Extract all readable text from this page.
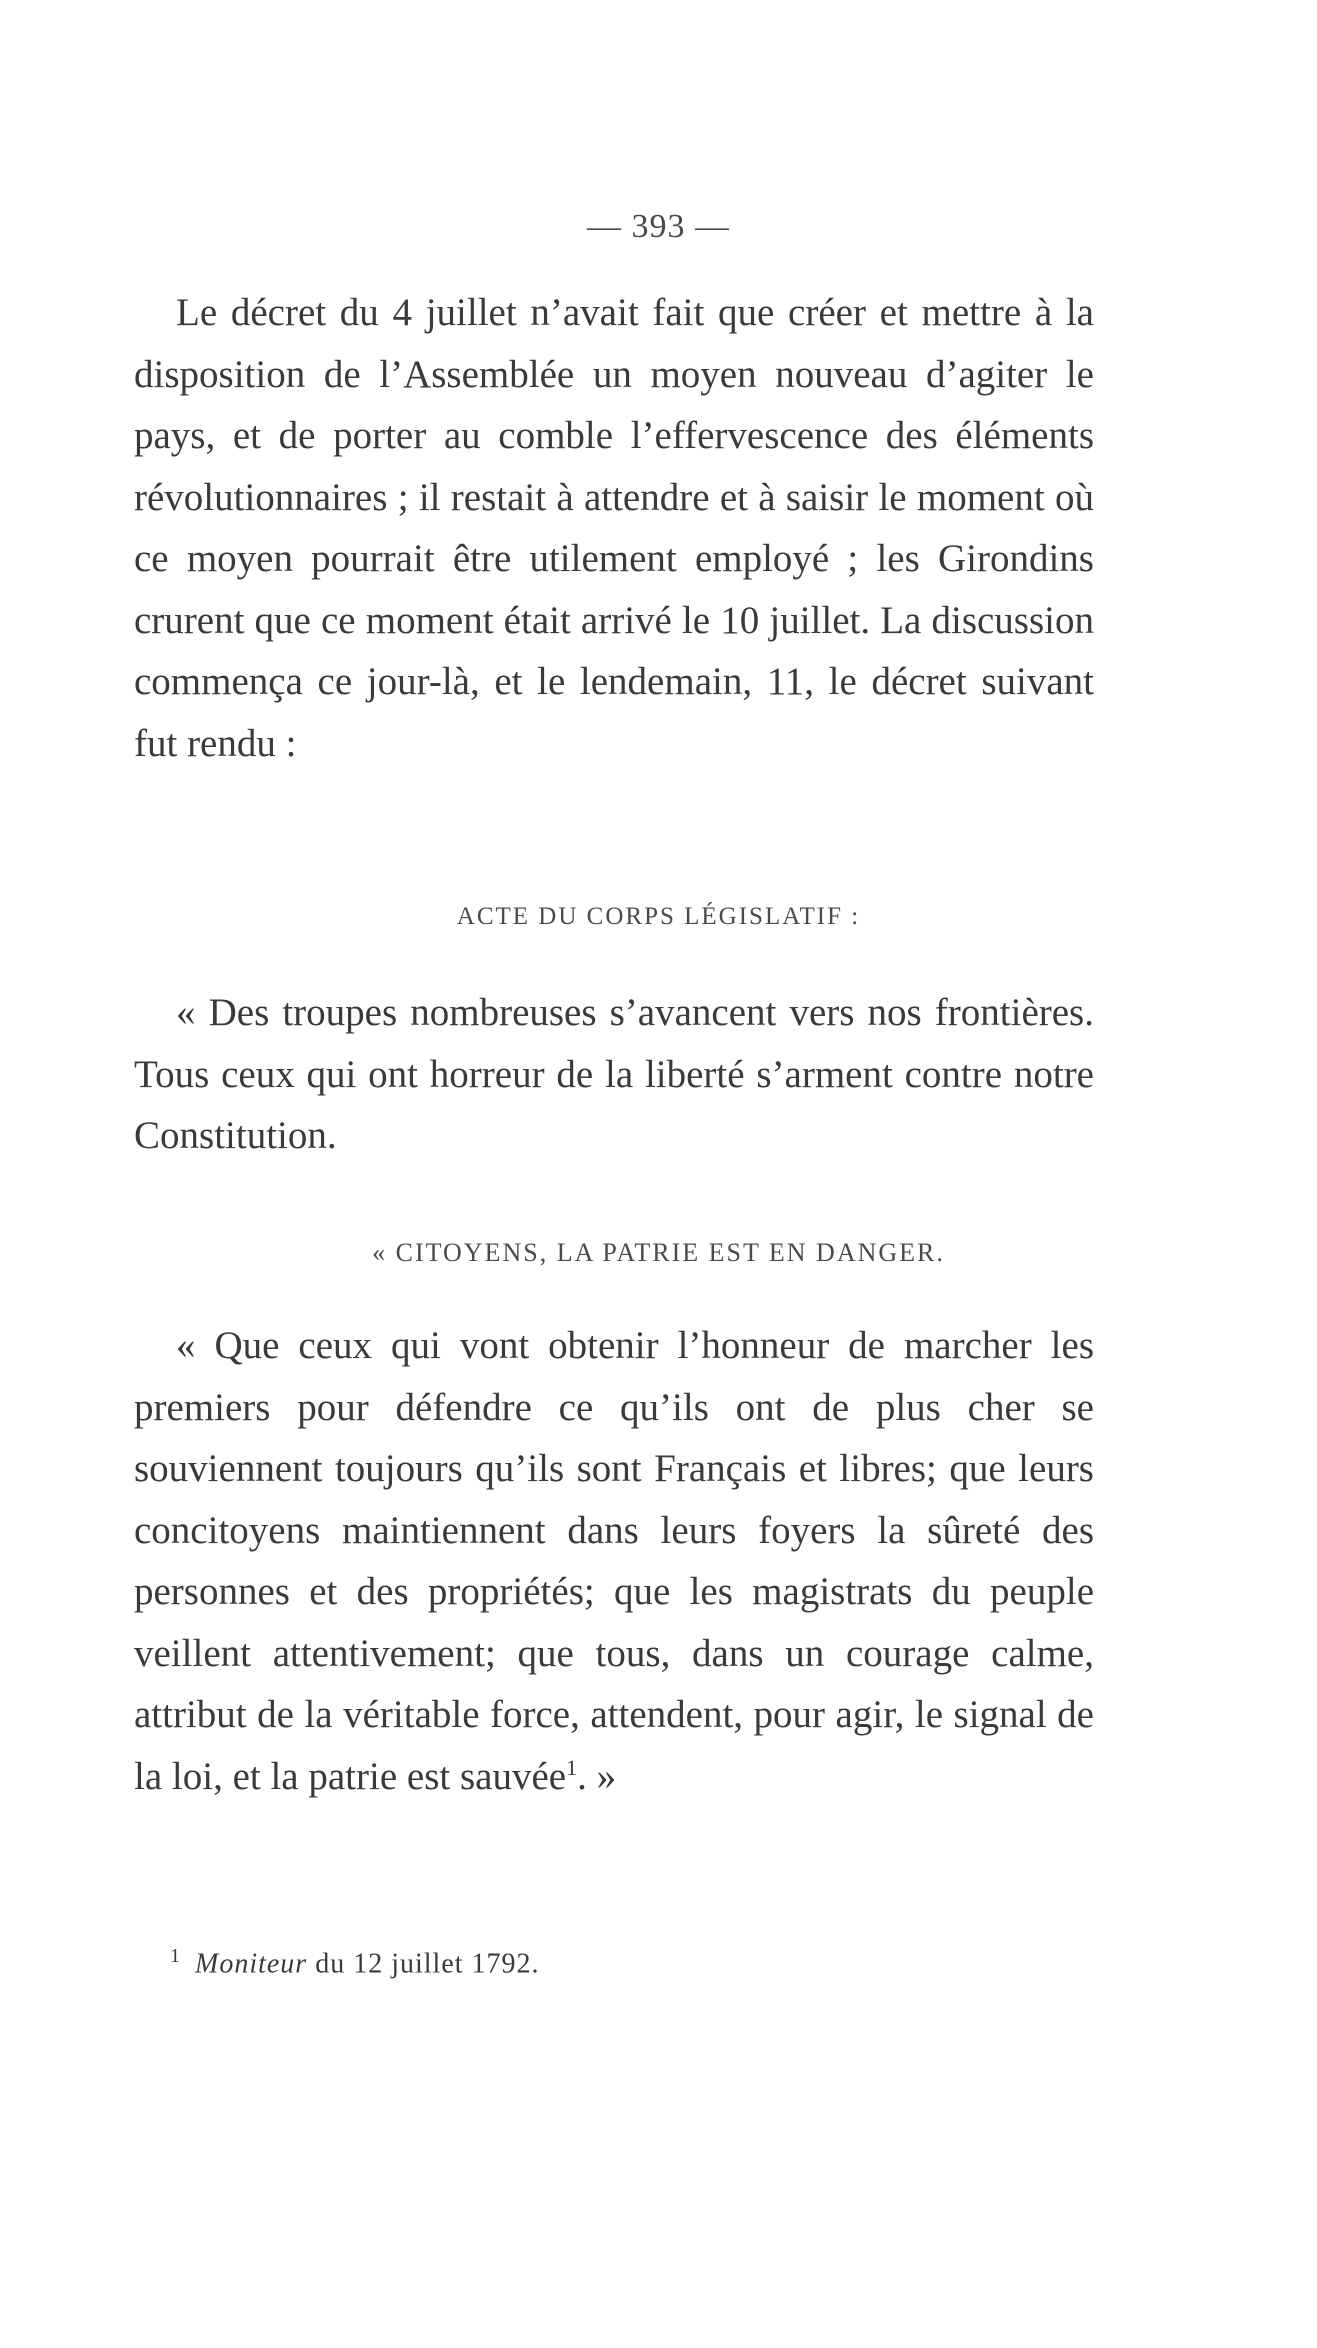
— 393 —

Le décret du 4 juillet n’avait fait que créer et mettre à la disposition de l’Assemblée un moyen nouveau d’agiter le pays, et de porter au comble l’effervescence des éléments révolutionnaires ; il restait à attendre et à saisir le moment où ce moyen pourrait être utilement employé ; les Girondins crurent que ce moment était arrivé le 10 juillet. La discussion commença ce jour-là, et le lendemain, 11, le décret suivant fut rendu :

ACTE DU CORPS LÉGISLATIF :

« Des troupes nombreuses s’avancent vers nos frontières. Tous ceux qui ont horreur de la liberté s’arment contre notre Constitution.

« CITOYENS, LA PATRIE EST EN DANGER.

« Que ceux qui vont obtenir l’honneur de marcher les premiers pour défendre ce qu’ils ont de plus cher se souviennent toujours qu’ils sont Français et libres; que leurs concitoyens maintiennent dans leurs foyers la sûreté des personnes et des propriétés; que les magistrats du peuple veillent attentivement; que tous, dans un courage calme, attribut de la véritable force, attendent, pour agir, le signal de la loi, et la patrie est sauvée$^1$. »

$^1$ Moniteur du 12 juillet 1792.
